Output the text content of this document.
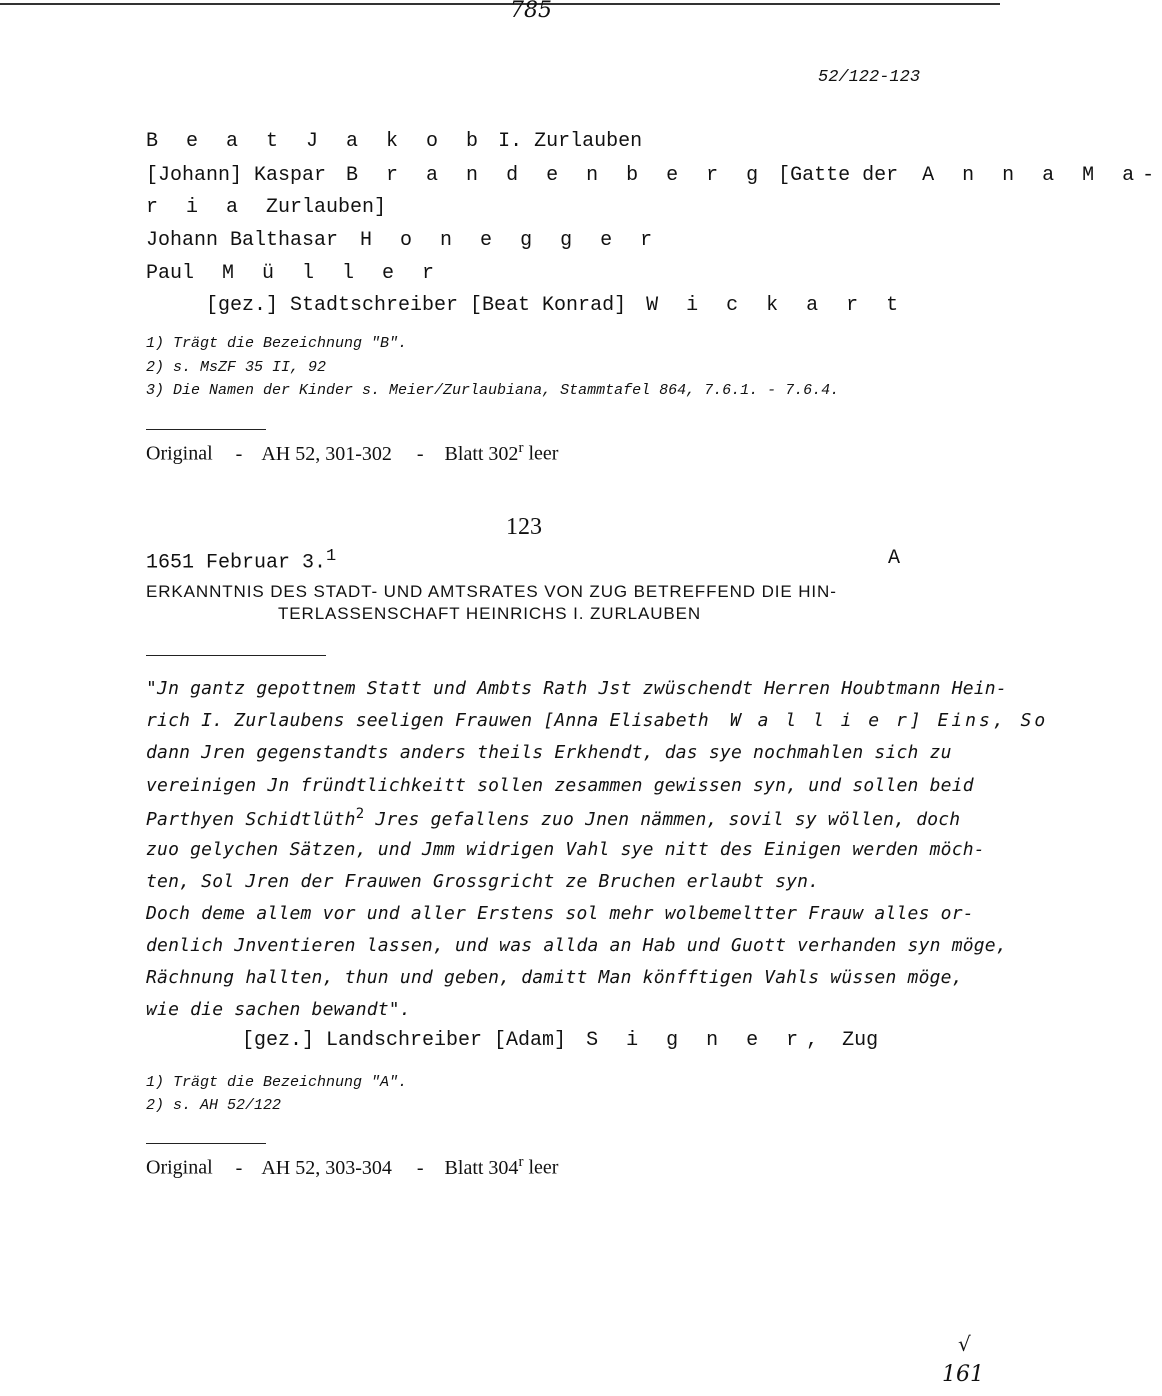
785
52/122-123
B e a t J a k o b I. Zurlauben
[Johann] Kaspar B r a n d e n b e r g [Gatte der A n n a M a-
r i a Zurlauben]
Johann Balthasar H o n e g g e r
Paul M ü l l e r
[gez.] Stadtschreiber [Beat Konrad] W i c k a r t
1) Trägt die Bezeichnung "B".
2) s. MsZF 35 II, 92
3) Die Namen der Kinder s. Meier/Zurlaubiana, Stammtafel 864, 7.6.1. - 7.6.4.
Original - AH 52, 301-302 - Blatt 302$^r$ leer
123
1651 Februar 3.$^1$	A
ERKANNTNIS DES STADT- UND AMTSRATES VON ZUG BETREFFEND DIE HIN-
TERLASSENSCHAFT HEINRICHS I. ZURLAUBEN
"Jn gantz gepottnem Statt und Ambts Rath Jst zwüschendt Herren Houbtmann Hein-
rich I. Zurlaubens seeligen Frauwen [Anna Elisabeth W a l l i e r] Eins, So
dann Jren gegenstandts anders theils Erkhendt, das sye nochmahlen sich zu
vereinigen Jn fründtlichkeitt sollen zesammen gewissen syn, und sollen beid
Parthyen Schidtlüth$^2$ Jres gefallens zuo Jnen nämmen, sovil sy wöllen, doch
zuo gelychen Sätzen, und Jmm widrigen Vahl sye nitt des Einigen werden möch-
ten, Sol Jren der Frauwen Grossgricht ze Bruchen erlaubt syn.
Doch deme allem vor und aller Erstens sol mehr wolbemeltter Frauw alles or-
denlich Jnventieren lassen, und was allda an Hab und Guott verhanden syn möge,
Rächnung hallten, thun und geben, damitt Man könfftigen Vahls wüssen möge,
wie die sachen bewandt".
[gez.] Landschreiber [Adam] S i g n e r, Zug
1) Trägt die Bezeichnung "A".
2) s. AH 52/122
Original - AH 52, 303-304 - Blatt 304$^r$ leer
√
161
